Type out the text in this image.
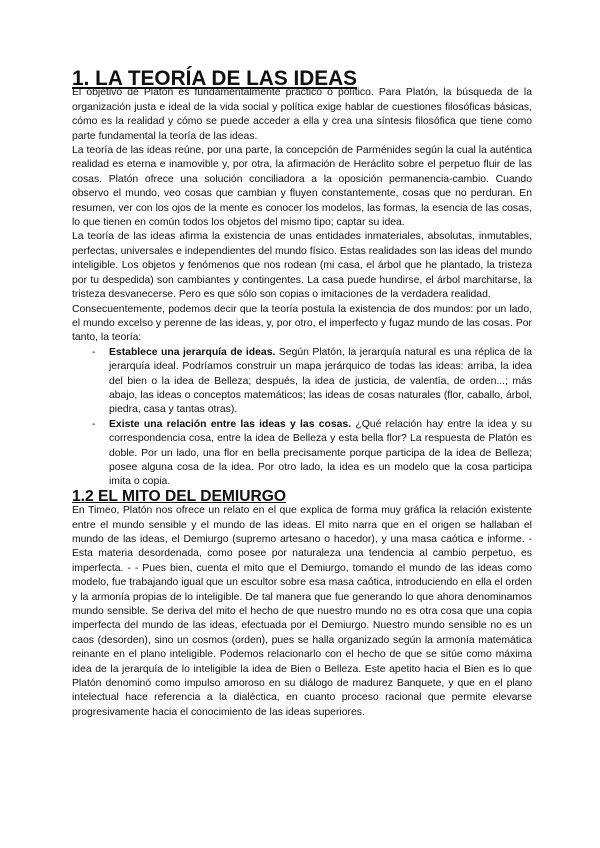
1. LA TEORÍA DE LAS IDEAS

El objetivo de Platón es fundamentalmente práctico o político. Para Platón, la búsqueda de la organización justa e ideal de la vida social y política exige hablar de cuestiones filosóficas básicas, cómo es la realidad y cómo se puede acceder a ella y crea una síntesis filosófica que tiene como parte fundamental la teoría de las ideas.

La teoría de las ideas reúne, por una parte, la concepción de Parménides según la cual la auténtica realidad es eterna e inamovible y, por otra, la afirmación de Heráclito sobre el perpetuo fluir de las cosas. Platón ofrece una solución conciliadora a la oposición permanencia-cambio. Cuando observo el mundo, veo cosas que cambian y fluyen constantemente, cosas que no perduran. En resumen, ver con los ojos de la mente es conocer los modelos, las formas, la esencia de las cosas, lo que tienen en común todos los objetos del mismo tipo; captar su idea.

La teoría de las ideas afirma la existencia de unas entidades inmateriales, absolutas, inmutables, perfectas, universales e independientes del mundo físico. Estas realidades son las ideas del mundo inteligible. Los objetos y fenómenos que nos rodean (mi casa, el árbol que he plantado, la tristeza por tu despedida) son cambiantes y contingentes. La casa puede hundirse, el árbol marchitarse, la tristeza desvanecerse. Pero es que sólo son copias o imitaciones de la verdadera realidad.

Consecuentemente, podemos decir que la teoría postula la existencia de dos mundos: por un lado, el mundo excelso y perenne de las ideas, y, por otro, el imperfecto y fugaz mundo de las cosas. Por tanto, la teoría:

- Establece una jerarquía de ideas. Según Platón, la jerarquía natural es una réplica de la jerarquía ideal. Podríamos construir un mapa jerárquico de todas las ideas: arriba, la idea del bien o la idea de Belleza; después, la idea de justicia, de valentía, de orden...; más abajo, las ideas o conceptos matemáticos; las ideas de cosas naturales (flor, caballo, árbol, piedra, casa y tantas otras).
- Existe una relación entre las ideas y las cosas. ¿Qué relación hay entre la idea y su correspondencia cosa, entre la idea de Belleza y esta bella flor? La respuesta de Platón es doble. Por un lado, una flor en bella precisamente porque participa de la idea de Belleza; posee alguna cosa de la idea. Por otro lado, la idea es un modelo que la cosa participa imita o copia.
1.2 EL MITO DEL DEMIURGO

En Timeo, Platón nos ofrece un relato en el que explica de forma muy gráfica la relación existente entre el mundo sensible y el mundo de las ideas. El mito narra que en el origen se hallaban el mundo de las ideas, el Demiurgo (supremo artesano o hacedor), y una masa caótica e informe. - Esta materia desordenada, como posee por naturaleza una tendencia al cambio perpetuo, es imperfecta. - - Pues bien, cuenta el mito que el Demiurgo, tomando el mundo de las ideas como modelo, fue trabajando igual que un escultor sobre esa masa caótica, introduciendo en ella el orden y la armonía propias de lo inteligible. De tal manera que fue generando lo que ahora denominamos mundo sensible. Se deriva del mito el hecho de que nuestro mundo no es otra cosa que una copia imperfecta del mundo de las ideas, efectuada por el Demiurgo. Nuestro mundo sensible no es un caos (desorden), sino un cosmos (orden), pues se halla organizado según la armonía matemática reinante en el plano inteligible. Podemos relacionarlo con el hecho de que se sitúe como máxima idea de la jerarquía de lo inteligible la idea de Bien o Belleza. Este apetito hacia el Bien es lo que Platón denominó como impulso amoroso en su diálogo de madurez Banquete, y que en el plano intelectual hace referencia a la dialéctica, en cuanto proceso racional que permite elevarse progresivamente hacia el conocimiento de las ideas superiores.
